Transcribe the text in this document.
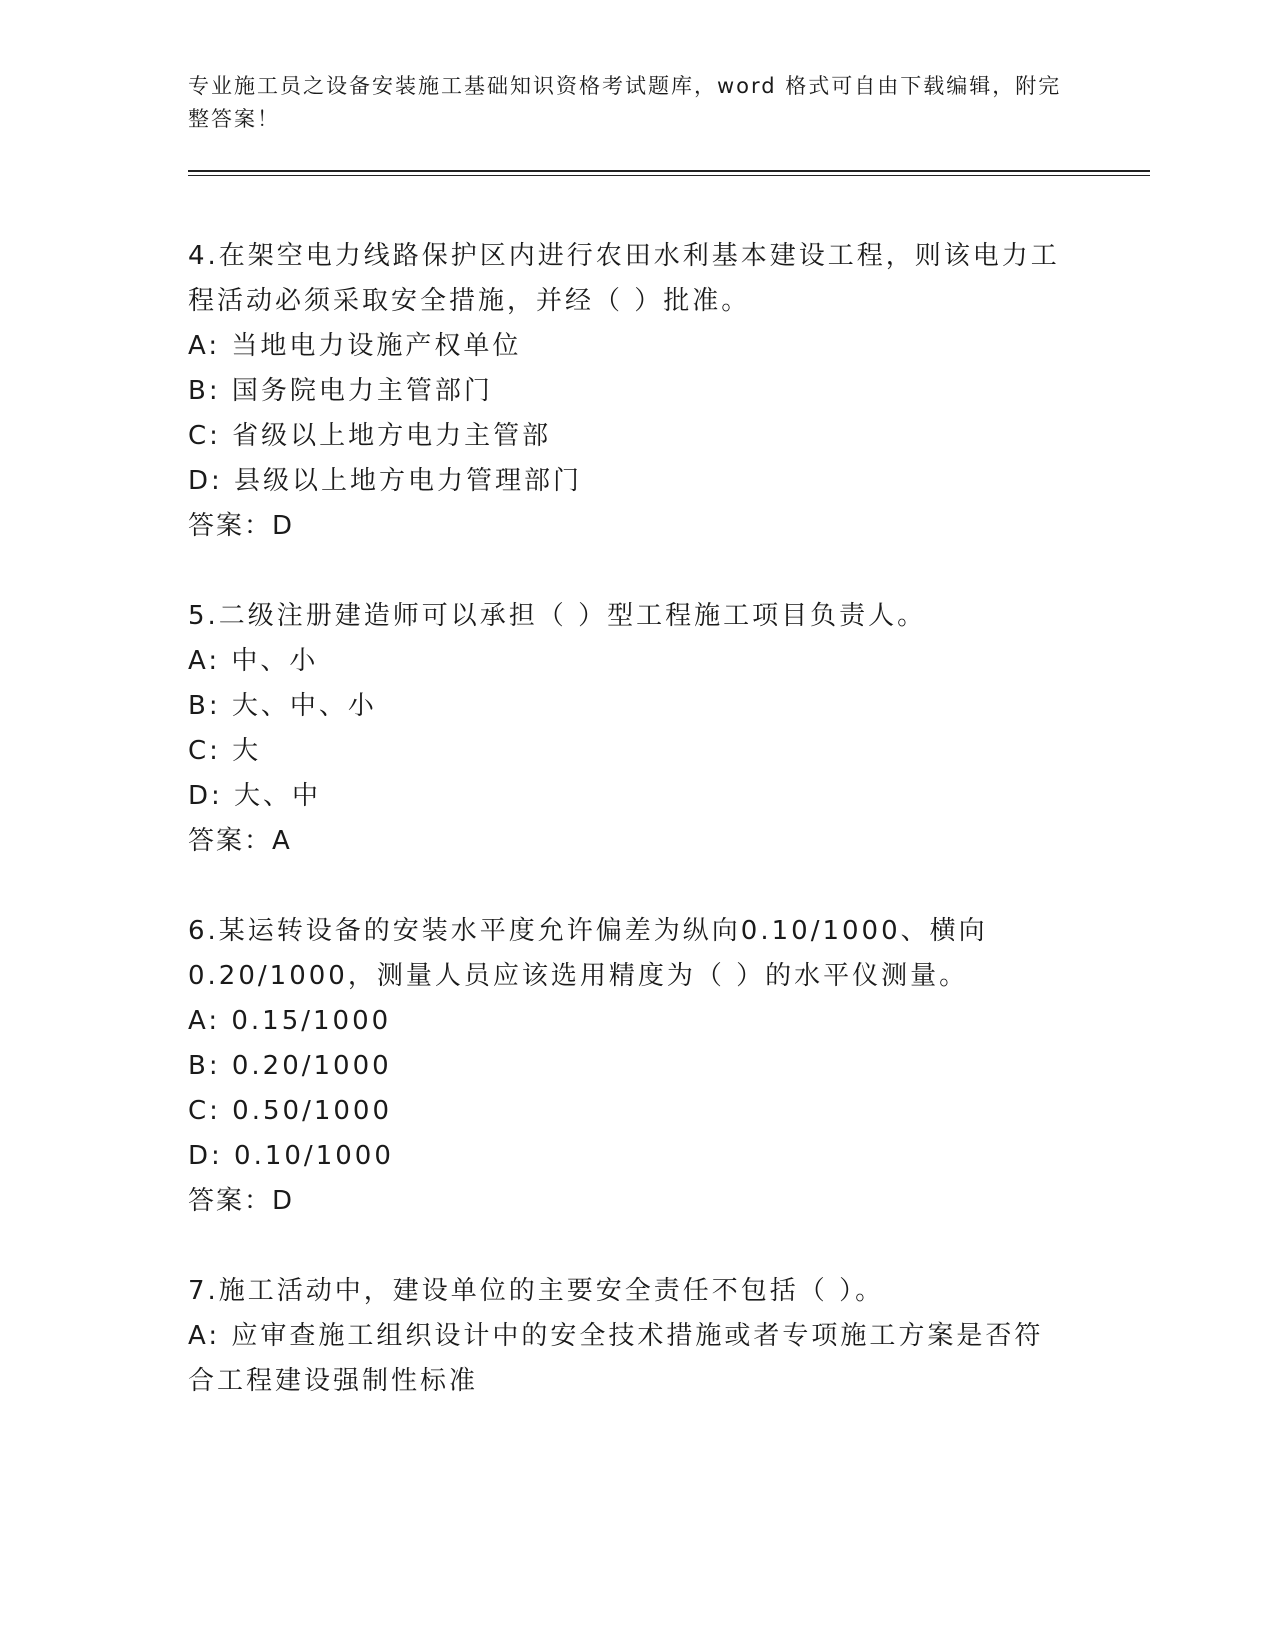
专业施工员之设备安装施工基础知识资格考试题库，word 格式可自由下载编辑，附完整答案！

4.在架空电力线路保护区内进行农田水利基本建设工程，则该电力工程活动必须采取安全措施，并经（ ）批准。

A: 当地电力设施产权单位

B: 国务院电力主管部门

C: 省级以上地方电力主管部

D: 县级以上地方电力管理部门

答案：D

5.二级注册建造师可以承担（ ）型工程施工项目负责人。

A: 中、小

B: 大、中、小

C: 大

D: 大、中

答案：A

6.某运转设备的安装水平度允许偏差为纵向0.10/1000、横向0.20/1000，测量人员应该选用精度为（ ）的水平仪测量。

A: 0.15/1000

B: 0.20/1000

C: 0.50/1000

D: 0.10/1000

答案：D

7.施工活动中，建设单位的主要安全责任不包括（ ）。

A: 应审查施工组织设计中的安全技术措施或者专项施工方案是否符合工程建设强制性标准
